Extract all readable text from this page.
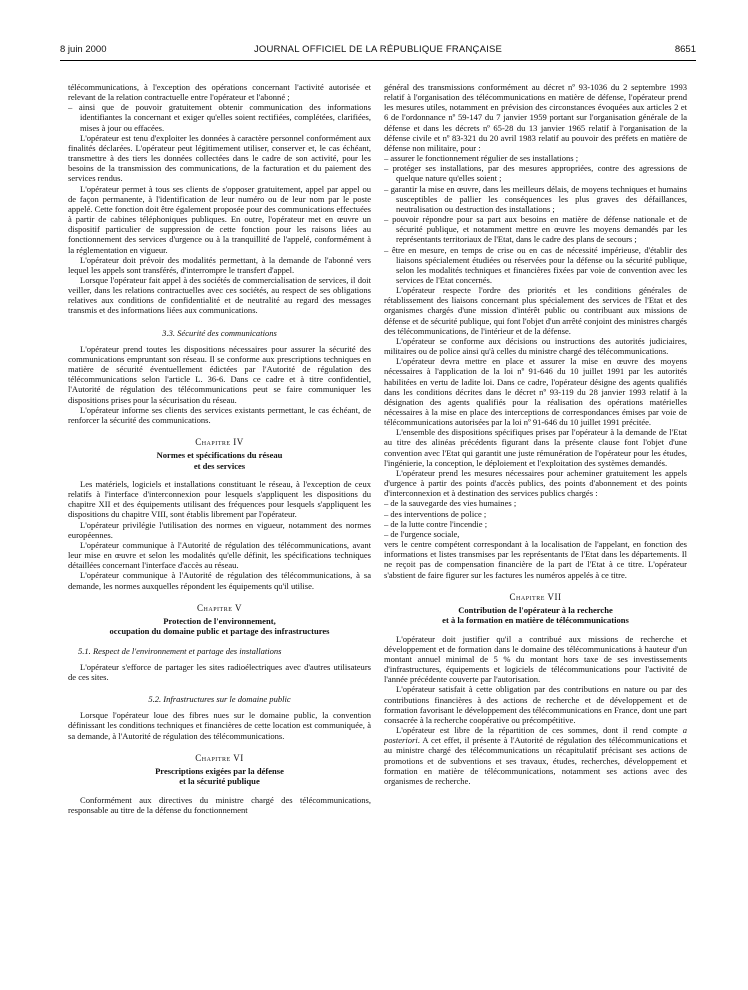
8 juin 2000	JOURNAL OFFICIEL DE LA RÉPUBLIQUE FRANÇAISE	8651

télécommunications, à l'exception des opérations concernant l'activité autorisée et relevant de la relation contractuelle entre l'opérateur et l'abonné ;

– ainsi que de pouvoir gratuitement obtenir communication des informations identifiantes la concernant et exiger qu'elles soient rectifiées, complétées, clarifiées, mises à jour ou effacées.

L'opérateur est tenu d'exploiter les données à caractère personnel conformément aux finalités déclarées. L'opérateur peut légitimement utiliser, conserver et, le cas échéant, transmettre à des tiers les données collectées dans le cadre de son activité, pour les besoins de la transmission des communications, de la facturation et du paiement des services rendus.

L'opérateur permet à tous ses clients de s'opposer gratuitement, appel par appel ou de façon permanente, à l'identification de leur numéro ou de leur nom par le poste appelé. Cette fonction doit être également proposée pour des communications effectuées à partir de cabines téléphoniques publiques. En outre, l'opérateur met en œuvre un dispositif particulier de suppression de cette fonction pour les raisons liées au fonctionnement des services d'urgence ou à la tranquillité de l'appelé, conformément à la réglementation en vigueur.

L'opérateur doit prévoir des modalités permettant, à la demande de l'abonné vers lequel les appels sont transférés, d'interrompre le transfert d'appel.

Lorsque l'opérateur fait appel à des sociétés de commercialisation de services, il doit veiller, dans les relations contractuelles avec ces sociétés, au respect de ses obligations relatives aux conditions de confidentialité et de neutralité au regard des messages transmis et des informations liées aux communications.

3.3. Sécurité des communications

L'opérateur prend toutes les dispositions nécessaires pour assurer la sécurité des communications empruntant son réseau. Il se conforme aux prescriptions techniques en matière de sécurité éventuellement édictées par l'Autorité de régulation des télécommunications selon l'article L. 36-6. Dans ce cadre et à titre confidentiel, l'Autorité de régulation des télécommunications peut se faire communiquer les dispositions prises pour la sécurisation du réseau.

L'opérateur informe ses clients des services existants permettant, le cas échéant, de renforcer la sécurité des communications.

Chapitre IV

Normes et spécifications du réseau
et des services

Les matériels, logiciels et installations constituant le réseau, à l'exception de ceux relatifs à l'interface d'interconnexion pour lesquels s'appliquent les dispositions du chapitre XII et des équipements utilisant des fréquences pour lesquels s'appliquent les dispositions du chapitre VIII, sont établis librement par l'opérateur.

L'opérateur privilégie l'utilisation des normes en vigueur, notamment des normes européennes.

L'opérateur communique à l'Autorité de régulation des télécommunications, avant leur mise en œuvre et selon les modalités qu'elle définit, les spécifications techniques détaillées concernant l'interface d'accès au réseau.

L'opérateur communique à l'Autorité de régulation des télécommunications, à sa demande, les normes auxquelles répondent les équipements qu'il utilise.

Chapitre V

Protection de l'environnement,
occupation du domaine public et partage des infrastructures

5.1. Respect de l'environnement et partage des installations

L'opérateur s'efforce de partager les sites radioélectriques avec d'autres utilisateurs de ces sites.

5.2. Infrastructures sur le domaine public

Lorsque l'opérateur loue des fibres nues sur le domaine public, la convention définissant les conditions techniques et financières de cette location est communiquée, à sa demande, à l'Autorité de régulation des télécommunications.

Chapitre VI

Prescriptions exigées par la défense
et la sécurité publique

Conformément aux directives du ministre chargé des télécommunications, responsable au titre de la défense du fonctionnement

général des transmissions conformément au décret nº 93-1036 du 2 septembre 1993 relatif à l'organisation des télécommunications en matière de défense, l'opérateur prend les mesures utiles, notamment en prévision des circonstances évoquées aux articles 2 et 6 de l'ordonnance nº 59-147 du 7 janvier 1959 portant sur l'organisation générale de la défense et dans les décrets nº 65-28 du 13 janvier 1965 relatif à l'organisation de la défense civile et nº 83-321 du 20 avril 1983 relatif au pouvoir des préfets en matière de défense non militaire, pour :

– assurer le fonctionnement régulier de ses installations ;

– protéger ses installations, par des mesures appropriées, contre des agressions de quelque nature qu'elles soient ;

– garantir la mise en œuvre, dans les meilleurs délais, de moyens techniques et humains susceptibles de pallier les conséquences les plus graves des défaillances, neutralisation ou destruction des installations ;

– pouvoir répondre pour sa part aux besoins en matière de défense nationale et de sécurité publique, et notamment mettre en œuvre les moyens demandés par les représentants territoriaux de l'Etat, dans le cadre des plans de secours ;

– être en mesure, en temps de crise ou en cas de nécessité impérieuse, d'établir des liaisons spécialement étudiées ou réservées pour la défense ou la sécurité publique, selon les modalités techniques et financières fixées par voie de convention avec les services de l'Etat concernés.

L'opérateur respecte l'ordre des priorités et les conditions générales de rétablissement des liaisons concernant plus spécialement des services de l'Etat et des organismes chargés d'une mission d'intérêt public ou contribuant aux missions de défense et de sécurité publique, qui font l'objet d'un arrêté conjoint des ministres chargés des télécommunications, de l'intérieur et de la défense.

L'opérateur se conforme aux décisions ou instructions des autorités judiciaires, militaires ou de police ainsi qu'à celles du ministre chargé des télécommunications.

L'opérateur devra mettre en place et assurer la mise en œuvre des moyens nécessaires à l'application de la loi nº 91-646 du 10 juillet 1991 par les autorités habilitées en vertu de ladite loi. Dans ce cadre, l'opérateur désigne des agents qualifiés dans les conditions décrites dans le décret nº 93-119 du 28 janvier 1993 relatif à la désignation des agents qualifiés pour la réalisation des opérations matérielles nécessaires à la mise en place des interceptions de correspondances émises par voie de télécommunications autorisées par la loi nº 91-646 du 10 juillet 1991 précitée.

L'ensemble des dispositions spécifiques prises par l'opérateur à la demande de l'Etat au titre des alinéas précédents figurant dans la présente clause font l'objet d'une convention avec l'Etat qui garantit une juste rémunération de l'opérateur pour les études, l'ingénierie, la conception, le déploiement et l'exploitation des systèmes demandés.

L'opérateur prend les mesures nécessaires pour acheminer gratuitement les appels d'urgence à partir des points d'accès publics, des points d'abonnement et des points d'interconnexion et à destination des services publics chargés :

– de la sauvegarde des vies humaines ;

– des interventions de police ;

– de la lutte contre l'incendie ;

– de l'urgence sociale,

vers le centre compétent correspondant à la localisation de l'appelant, en fonction des informations et listes transmises par les représentants de l'Etat dans les départements. Il ne reçoit pas de compensation financière de la part de l'Etat à ce titre. L'opérateur s'abstient de faire figurer sur les factures les numéros appelés à ce titre.

Chapitre VII

Contribution de l'opérateur à la recherche
et à la formation en matière de télécommunications

L'opérateur doit justifier qu'il a contribué aux missions de recherche et développement et de formation dans le domaine des télécommunications à hauteur d'un montant annuel minimal de 5 % du montant hors taxe de ses investissements d'infrastructures, équipements et logiciels de télécommunications pour l'activité de l'année précédente couverte par l'autorisation.

L'opérateur satisfait à cette obligation par des contributions en nature ou par des contributions financières à des actions de recherche et de développement et de formation favorisant le développement des télécommunications en France, dont une part consacrée à la recherche coopérative ou précompétitive.

L'opérateur est libre de la répartition de ces sommes, dont il rend compte a posteriori. A cet effet, il présente à l'Autorité de régulation des télécommunications et au ministre chargé des télécommunications un récapitulatif précisant ses actions de promotions et de subventions et ses travaux, études, recherches, développement et formation en matière de télécommunications, notamment ses actions avec des organismes de recherche.
